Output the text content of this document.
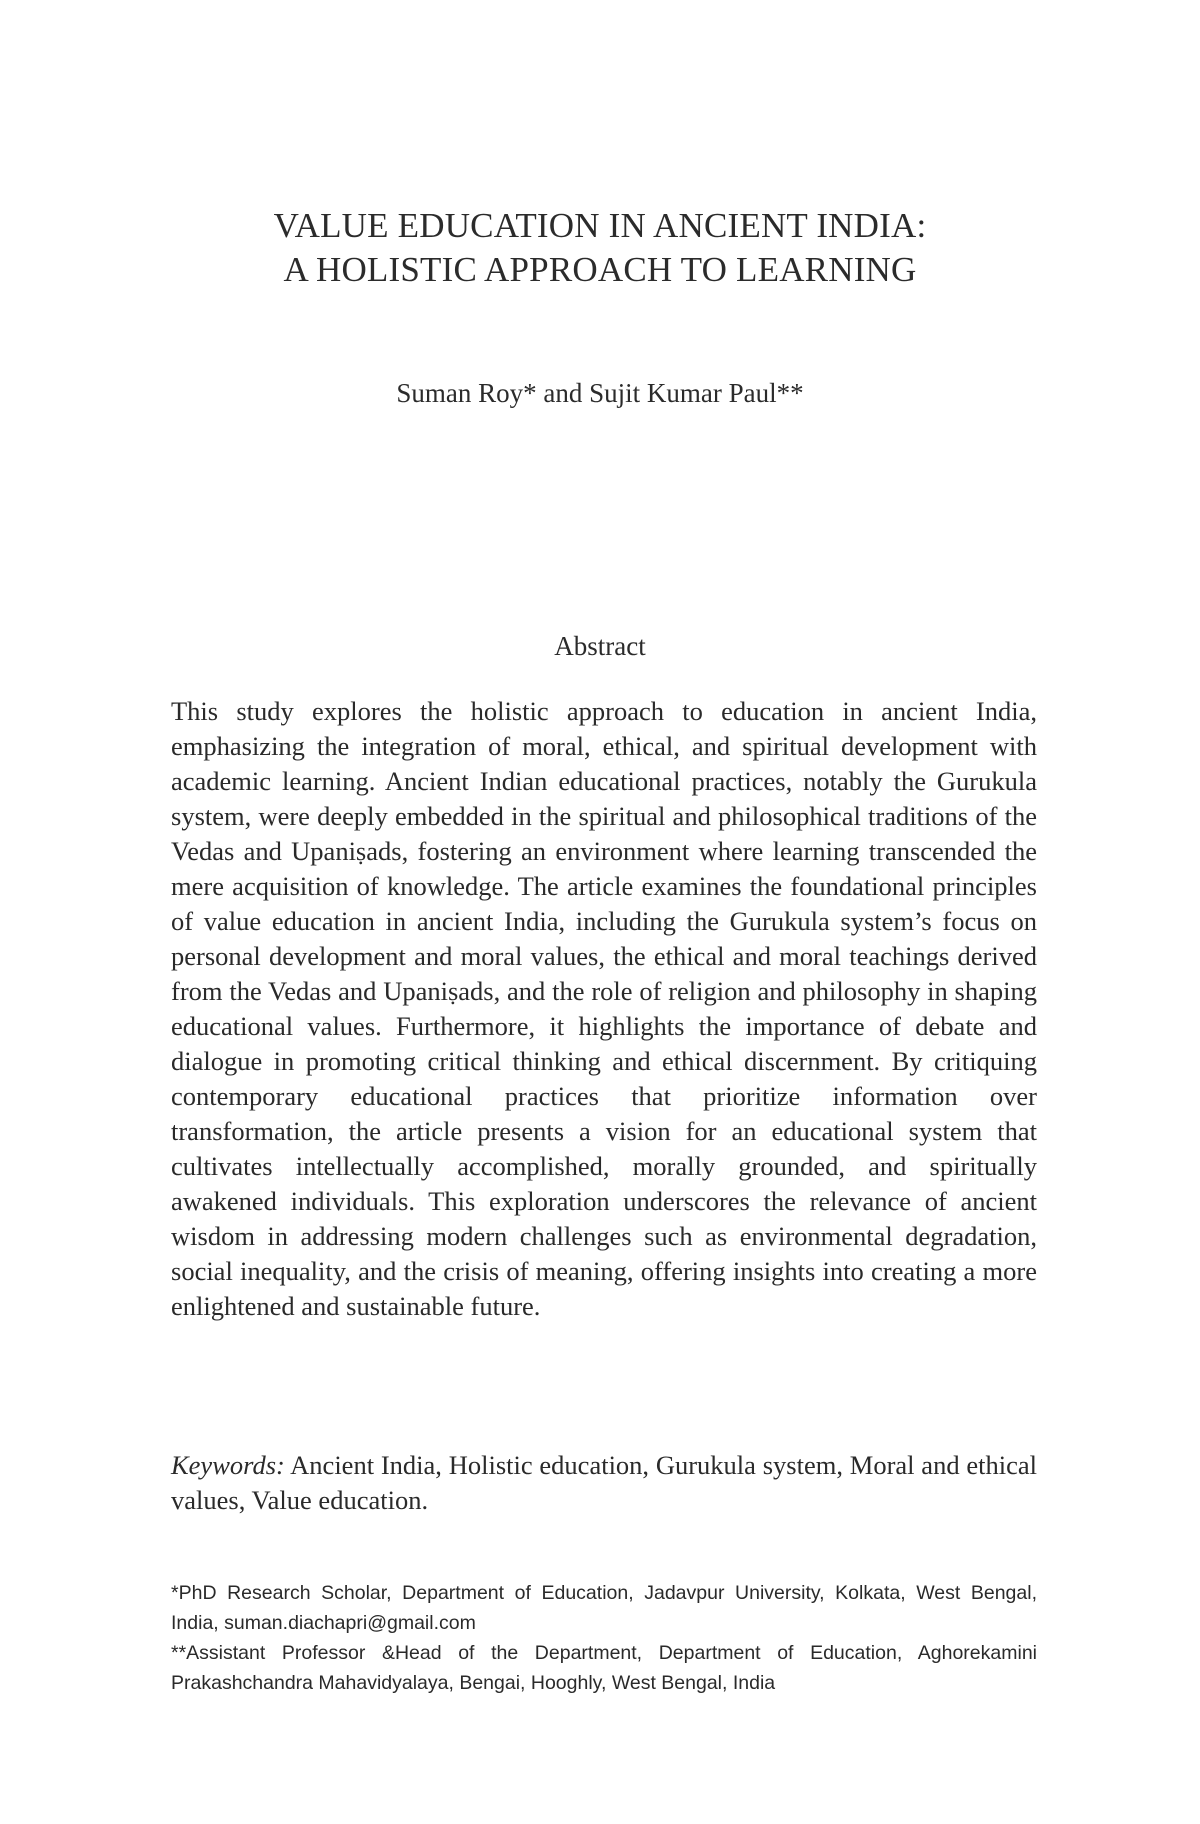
VALUE EDUCATION IN ANCIENT INDIA:
A HOLISTIC APPROACH TO LEARNING
Suman Roy* and Sujit Kumar Paul**
Abstract

This study explores the holistic approach to education in ancient India, emphasizing the integration of moral, ethical, and spiritual development with academic learning. Ancient Indian educational practices, notably the Gurukula system, were deeply embedded in the spiritual and philosophical traditions of the Vedas and Upaniṣads, fostering an environment where learning transcended the mere acquisition of knowledge. The article examines the foundational principles of value education in ancient India, including the Gurukula system’s focus on personal development and moral values, the ethical and moral teachings derived from the Vedas and Upaniṣads, and the role of religion and philosophy in shaping educational values. Furthermore, it highlights the importance of debate and dialogue in promoting critical thinking and ethical discernment. By critiquing contemporary educational practices that prioritize information over transformation, the article presents a vision for an educational system that cultivates intellectually accomplished, morally grounded, and spiritually awakened individuals. This exploration underscores the relevance of ancient wisdom in addressing modern challenges such as environmental degradation, social inequality, and the crisis of meaning, offering insights into creating a more enlightened and sustainable future.

Keywords: Ancient India, Holistic education, Gurukula system, Moral and ethical values, Value education.

*PhD Research Scholar, Department of Education, Jadavpur University, Kolkata, West Bengal, India, suman.diachapri@gmail.com

**Assistant Professor &Head of the Department, Department of Education, Aghorekamini Prakashchandra Mahavidyalaya, Bengai, Hooghly, West Bengal, India
